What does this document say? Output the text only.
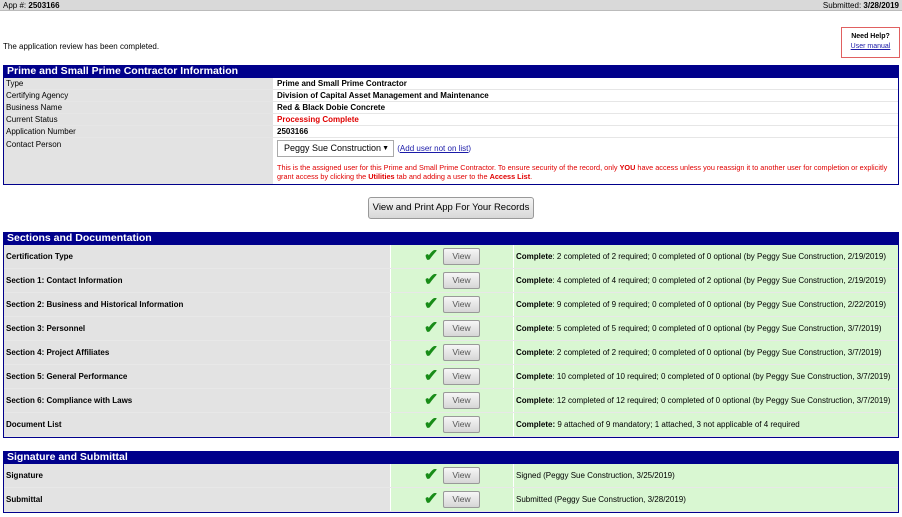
App #: 2503166	Submitted: 3/28/2019
The application review has been completed.
Need Help?
User manual
Prime and Small Prime Contractor Information
Type	Prime and Small Prime Contractor
Certifying Agency	Division of Capital Asset Management and Maintenance
Business Name	Red & Black Dobie Concrete
Current Status	Processing Complete
Application Number	2503166
Contact Person	Peggy Sue Construction ▼ (Add user not on list)
This is the assigned user for this Prime and Small Prime Contractor. To ensure security of the record, only YOU have access unless you reassign it to another user for completion or explicitly grant access by clicking the Utilities tab and adding a user to the Access List.
View and Print App For Your Records
Sections and Documentation
Certification Type	✔	View	Complete: 2 completed of 2 required; 0 completed of 0 optional (by Peggy Sue Construction, 2/19/2019)
Section 1: Contact Information	✔	View	Complete: 4 completed of 4 required; 0 completed of 2 optional (by Peggy Sue Construction, 2/19/2019)
Section 2: Business and Historical Information	✔	View	Complete: 9 completed of 9 required; 0 completed of 0 optional (by Peggy Sue Construction, 2/22/2019)
Section 3: Personnel	✔	View	Complete: 5 completed of 5 required; 0 completed of 0 optional (by Peggy Sue Construction, 3/7/2019)
Section 4: Project Affiliates	✔	View	Complete: 2 completed of 2 required; 0 completed of 0 optional (by Peggy Sue Construction, 3/7/2019)
Section 5: General Performance	✔	View	Complete: 10 completed of 10 required; 0 completed of 0 optional (by Peggy Sue Construction, 3/7/2019)
Section 6: Compliance with Laws	✔	View	Complete: 12 completed of 12 required; 0 completed of 0 optional (by Peggy Sue Construction, 3/7/2019)
Document List	✔	View	Complete: 9 attached of 9 mandatory; 1 attached, 3 not applicable of 4 required
Signature and Submittal
Signature	✔	View	Signed (Peggy Sue Construction, 3/25/2019)
Submittal	✔	View	Submitted (Peggy Sue Construction, 3/28/2019)
